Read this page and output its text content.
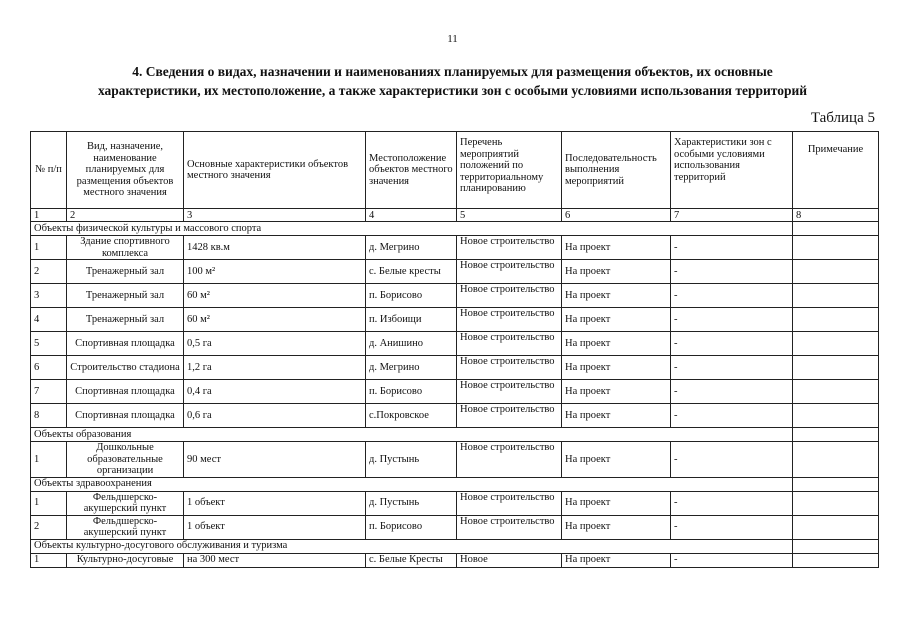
11
4. Сведения о видах, назначении и наименованиях планируемых для размещения объектов, их основные
характеристики, их местоположение, а также характеристики зон с особыми условиями использования территорий
Таблица 5
№ п/п	Вид, назначение, наименование планируемых для размещения объектов местного значения	Основные характеристики объектов местного значения	Местоположение объектов местного значения	Перечень мероприятий положений по территориальному планированию	Последовательность выполнения мероприятий	Характеристики зон с особыми условиями использования территорий	Примечание
1	2	3	4	5	6	7	8
Объекты физической культуры и массового спорта							
1	Здание спортивного комплекса	1428 кв.м	д. Мегрино	Новое строительство	На проект	-	
2	Тренажерный зал	100 м²	с. Белые кресты	Новое строительство	На проект	-	
3	Тренажерный зал	60 м²	п. Борисово	Новое строительство	На проект	-	
4	Тренажерный зал	60 м²	п. Избоищи	Новое строительство	На проект	-	
5	Спортивная площадка	0,5 га	д. Анишино	Новое строительство	На проект	-	
6	Строительство стадиона	1,2 га	д. Мегрино	Новое строительство	На проект	-	
7	Спортивная площадка	0,4 га	п. Борисово	Новое строительство	На проект	-	
8	Спортивная площадка	0,6 га	с.Покровское	Новое строительство	На проект	-	
Объекты образования							
1	Дошкольные образовательные организации	90 мест	д. Пустынь	Новое строительство	На проект	-	
Объекты здравоохранения							
1	Фельдшерско-акушерский пункт	1 объект	д. Пустынь	Новое строительство	На проект	-	
2	Фельдшерско-акушерский пункт	1 объект	п. Борисово	Новое строительство	На проект	-	
Объекты культурно-досугового обслуживания и туризма							
1	Культурно-досуговые	на 300 мест	с. Белые Кресты	Новое	На проект	-	
